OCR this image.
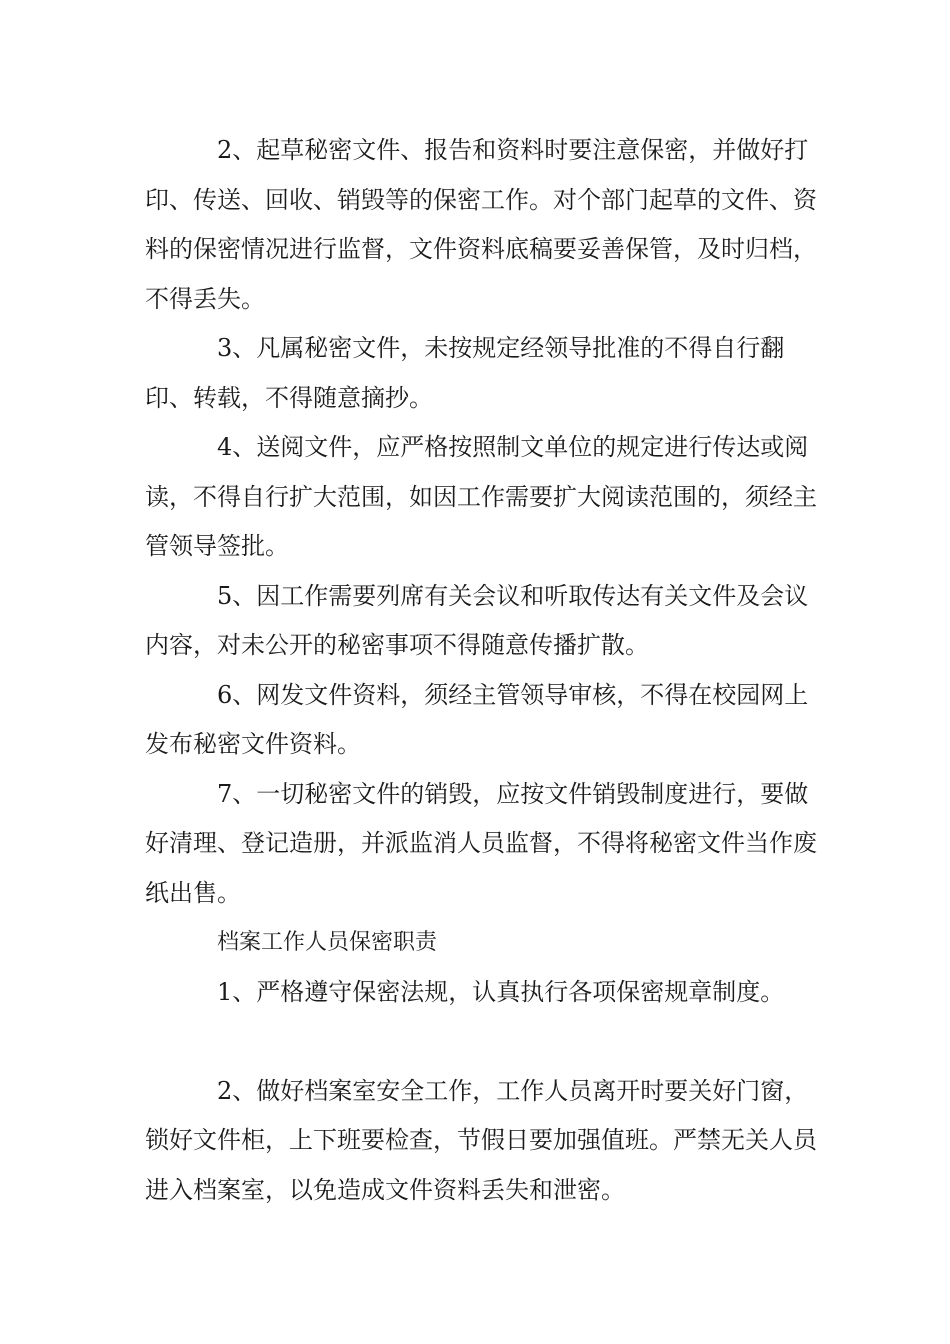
2、起草秘密文件、报告和资料时要注意保密，并做好打印、传送、回收、销毁等的保密工作。对个部门起草的文件、资料的保密情况进行监督，文件资料底稿要妥善保管，及时归档，不得丢失。

3、凡属秘密文件，未按规定经领导批准的不得自行翻印、转载，不得随意摘抄。

4、送阅文件，应严格按照制文单位的规定进行传达或阅读，不得自行扩大范围，如因工作需要扩大阅读范围的，须经主管领导签批。

5、因工作需要列席有关会议和听取传达有关文件及会议内容，对未公开的秘密事项不得随意传播扩散。

6、网发文件资料，须经主管领导审核，不得在校园网上发布秘密文件资料。

7、一切秘密文件的销毁，应按文件销毁制度进行，要做好清理、登记造册，并派监消人员监督，不得将秘密文件当作废纸出售。

档案工作人员保密职责

1、严格遵守保密法规，认真执行各项保密规章制度。

2、做好档案室安全工作，工作人员离开时要关好门窗，锁好文件柜，上下班要检查，节假日要加强值班。严禁无关人员进入档案室，以免造成文件资料丢失和泄密。
